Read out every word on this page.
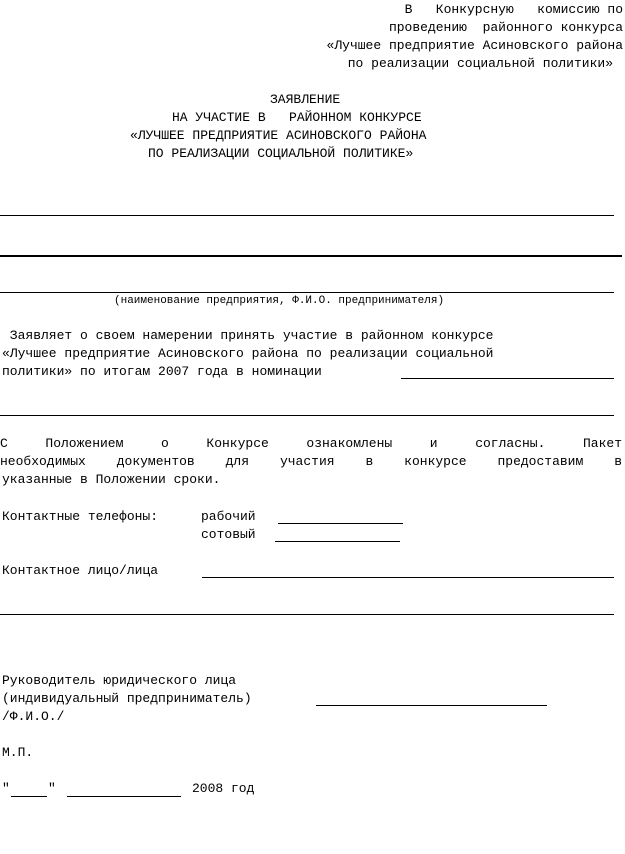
В   Конкурсную   комиссию по
проведению  районного конкурса
«Лучшее предприятие Асиновского района
по реализации социальной политики»
ЗАЯВЛЕНИЕ
НА УЧАСТИЕ В   РАЙОННОМ КОНКУРСЕ
«ЛУЧШЕЕ ПРЕДПРИЯТИЕ АСИНОВСКОГО РАЙОНА
ПО РЕАЛИЗАЦИИ СОЦИАЛЬНОЙ ПОЛИТИКЕ»
(наименование предприятия, Ф.И.О. предпринимателя)
Заявляет о своем намерении принять участие в районном конкурсе
«Лучшее предприятие Асиновского района по реализации социальной
политики» по итогам 2007 года в номинации
С Положением о Конкурсе ознакомлены и согласны. Пакет
необходимых документов для участия в конкурсе предоставим в
указанные в Положении сроки.
Контактные телефоны:	рабочий
сотовый
Контактное лицо/лица
Руководитель юридического лица
(индивидуальный предприниматель)
/Ф.И.О./
М.П.
"	"	2008 год
